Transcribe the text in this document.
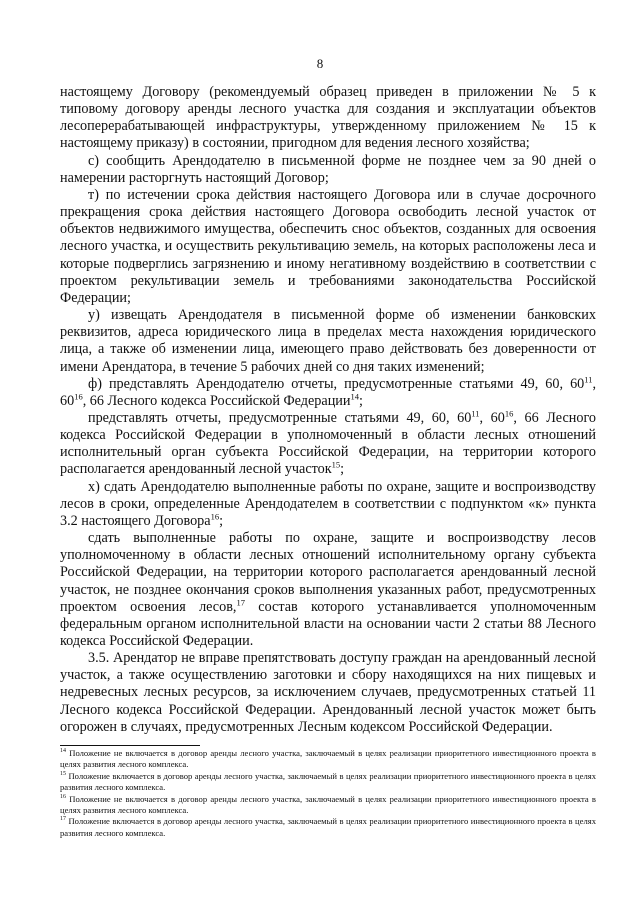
8

настоящему Договору (рекомендуемый образец приведен в приложении № 5 к типовому договору аренды лесного участка для создания и эксплуатации объектов лесоперерабатывающей инфраструктуры, утвержденному приложением № 15 к настоящему приказу) в состоянии, пригодном для ведения лесного хозяйства;

с) сообщить Арендодателю в письменной форме не позднее чем за 90 дней о намерении расторгнуть настоящий Договор;

т) по истечении срока действия настоящего Договора или в случае досрочного прекращения срока действия настоящего Договора освободить лесной участок от объектов недвижимого имущества, обеспечить снос объектов, созданных для освоения лесного участка, и осуществить рекультивацию земель, на которых расположены леса и которые подверглись загрязнению и иному негативному воздействию в соответствии с проектом рекультивации земель и требованиями законодательства Российской Федерации;

у) извещать Арендодателя в письменной форме об изменении банковских реквизитов, адреса юридического лица в пределах места нахождения юридического лица, а также об изменении лица, имеющего право действовать без доверенности от имени Арендатора, в течение 5 рабочих дней со дня таких изменений;

ф) представлять Арендодателю отчеты, предусмотренные статьями 49, 60, $60^{11}$, $60^{16}$, 66 Лесного кодекса Российской Федерации$^{14}$;

представлять отчеты, предусмотренные статьями 49, 60, $60^{11}$, $60^{16}$, 66 Лесного кодекса Российской Федерации в уполномоченный в области лесных отношений исполнительный орган субъекта Российской Федерации, на территории которого располагается арендованный лесной участок$^{15}$;

х) сдать Арендодателю выполненные работы по охране, защите и воспроизводству лесов в сроки, определенные Арендодателем в соответствии с подпунктом «к» пункта 3.2 настоящего Договора$^{16}$;

сдать выполненные работы по охране, защите и воспроизводству лесов уполномоченному в области лесных отношений исполнительному органу субъекта Российской Федерации, на территории которого располагается арендованный лесной участок, не позднее окончания сроков выполнения указанных работ, предусмотренных проектом освоения лесов,$^{17}$ состав которого устанавливается уполномоченным федеральным органом исполнительной власти на основании части 2 статьи 88 Лесного кодекса Российской Федерации.

3.5. Арендатор не вправе препятствовать доступу граждан на арендованный лесной участок, а также осуществлению заготовки и сбору находящихся на них пищевых и недревесных лесных ресурсов, за исключением случаев, предусмотренных статьей 11 Лесного кодекса Российской Федерации. Арендованный лесной участок может быть огорожен в случаях, предусмотренных Лесным кодексом Российской Федерации.

$^{14}$ Положение не включается в договор аренды лесного участка, заключаемый в целях реализации приоритетного инвестиционного проекта в целях развития лесного комплекса.

$^{15}$ Положение включается в договор аренды лесного участка, заключаемый в целях реализации приоритетного инвестиционного проекта в целях развития лесного комплекса.

$^{16}$ Положение не включается в договор аренды лесного участка, заключаемый в целях реализации приоритетного инвестиционного проекта в целях развития лесного комплекса.

$^{17}$ Положение включается в договор аренды лесного участка, заключаемый в целях реализации приоритетного инвестиционного проекта в целях развития лесного комплекса.
